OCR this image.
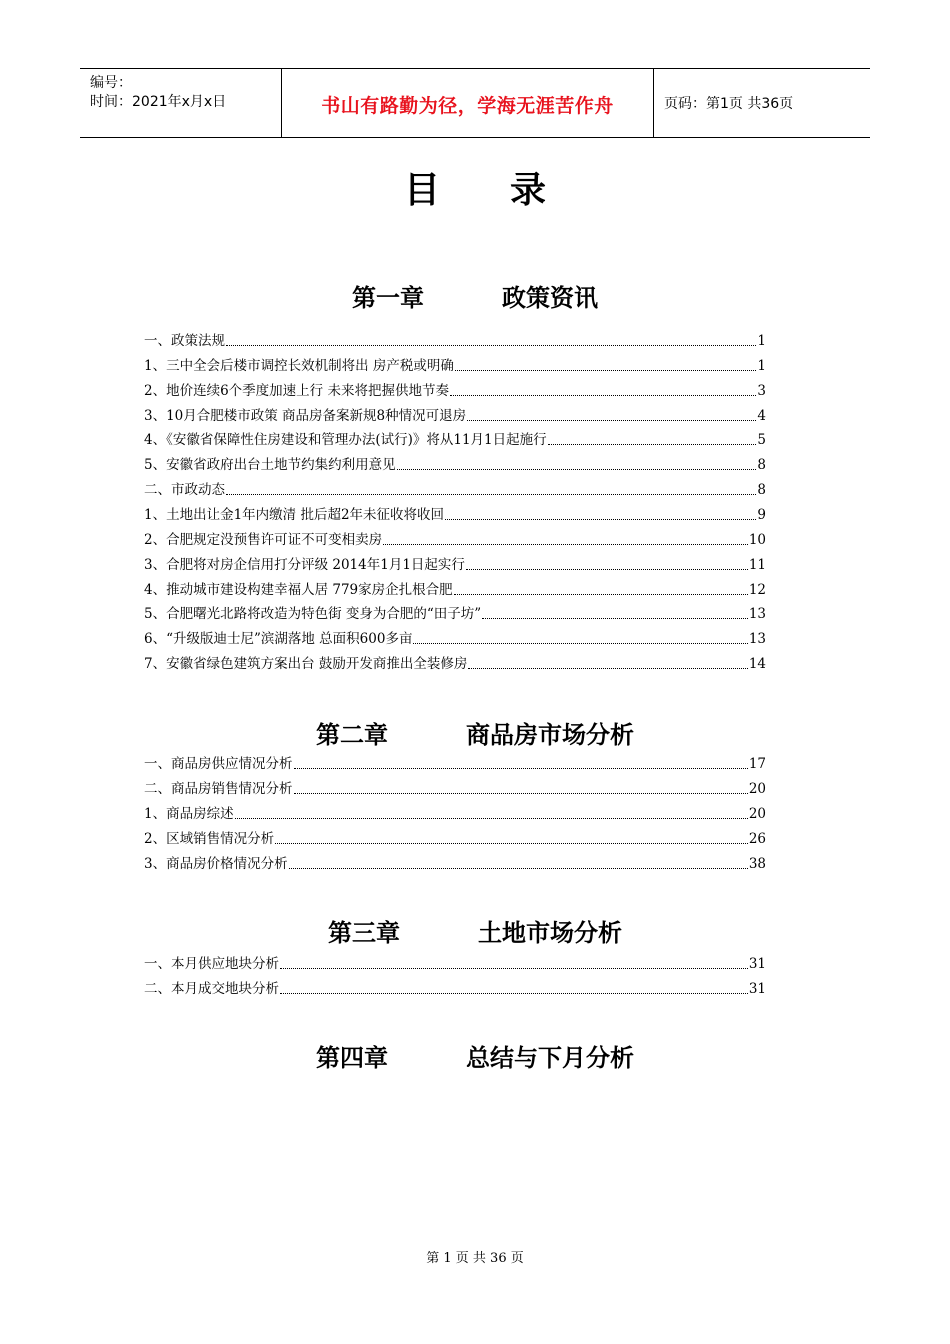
编号：
时间：2021年x月x日	书山有路勤为径，学海无涯苦作舟	页码：第1页 共36页
目 录
第一章	政策资讯
一、政策法规	1
1、三中全会后楼市调控长效机制将出 房产税或明确	1
2、地价连续6个季度加速上行 未来将把握供地节奏	3
3、10月合肥楼市政策 商品房备案新规8种情况可退房	4
4、《安徽省保障性住房建设和管理办法(试行)》将从11月1日起施行	5
5、安徽省政府出台土地节约集约利用意见	8
二、市政动态	8
1、土地出让金1年内缴清 批后超2年未征收将收回	9
2、合肥规定没预售许可证不可变相卖房	10
3、合肥将对房企信用打分评级 2014年1月1日起实行	11
4、推动城市建设构建幸福人居 779家房企扎根合肥	12
5、合肥曙光北路将改造为特色街 变身为合肥的“田子坊”	13
6、“升级版迪士尼”滨湖落地 总面积600多亩	13
7、安徽省绿色建筑方案出台 鼓励开发商推出全装修房	14
第二章	商品房市场分析
一、商品房供应情况分析	17
二、商品房销售情况分析	20
1、商品房综述	20
2、区域销售情况分析	26
3、商品房价格情况分析	38
第三章	土地市场分析
一、本月供应地块分析	31
二、本月成交地块分析	31
第四章	总结与下月分析
第 1 页 共 36 页
